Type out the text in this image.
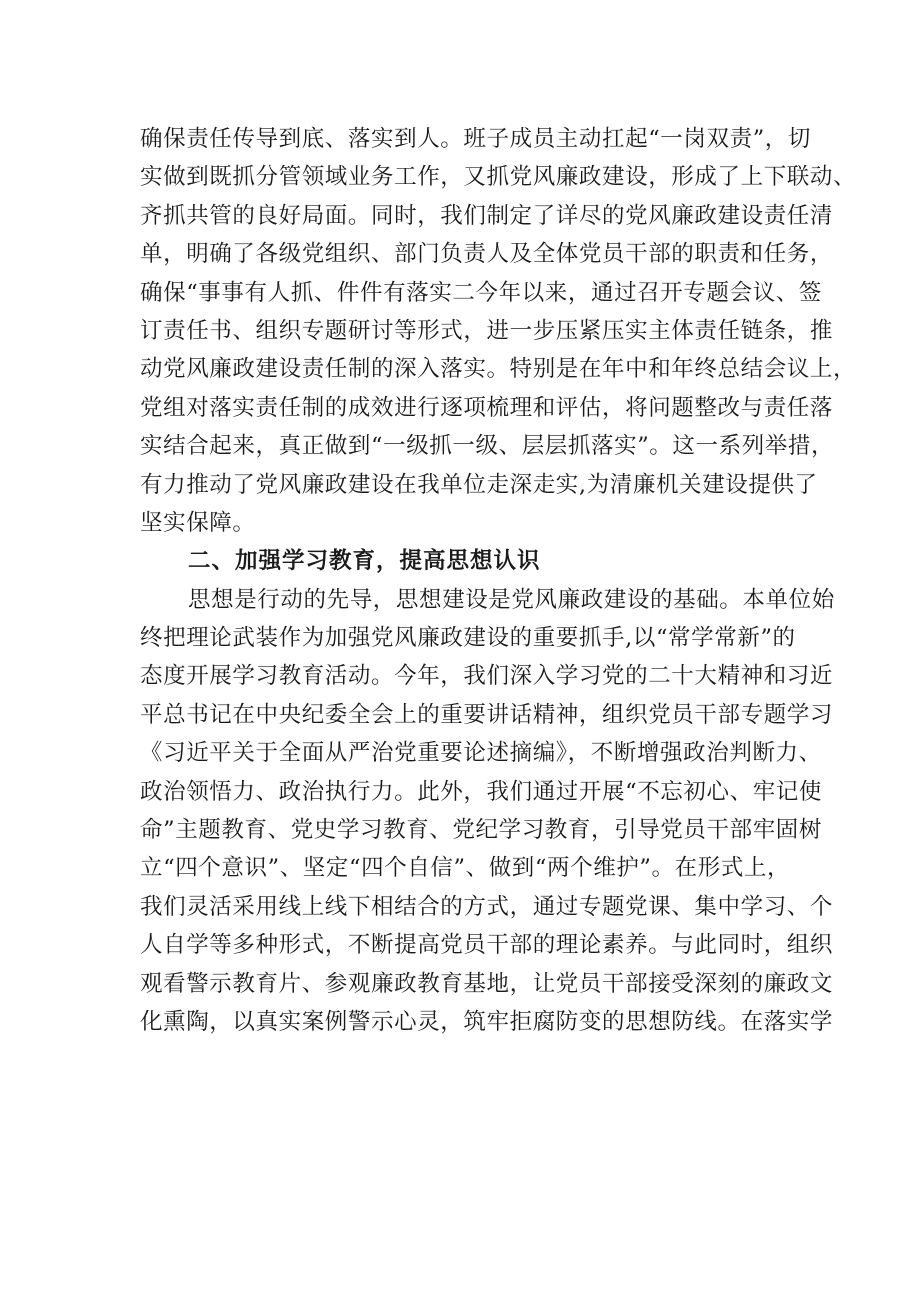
确保责任传导到底、落实到人。班子成员主动扛起“一岗双责”，切
实做到既抓分管领域业务工作，又抓党风廉政建设，形成了上下联动、
齐抓共管的良好局面。同时，我们制定了详尽的党风廉政建设责任清
单，明确了各级党组织、部门负责人及全体党员干部的职责和任务，
确保“事事有人抓、件件有落实二今年以来，通过召开专题会议、签
订责任书、组织专题研讨等形式，进一步压紧压实主体责任链条，推
动党风廉政建设责任制的深入落实。特别是在年中和年终总结会议上，
党组对落实责任制的成效进行逐项梳理和评估，将问题整改与责任落
实结合起来，真正做到“一级抓一级、层层抓落实”。这一系列举措，
有力推动了党风廉政建设在我单位走深走实,为清廉机关建设提供了
坚实保障。
二、加强学习教育，提高思想认识
思想是行动的先导，思想建设是党风廉政建设的基础。本单位始
终把理论武装作为加强党风廉政建设的重要抓手,以“常学常新”的
态度开展学习教育活动。今年，我们深入学习党的二十大精神和习近
平总书记在中央纪委全会上的重要讲话精神，组织党员干部专题学习
《习近平关于全面从严治党重要论述摘编》，不断增强政治判断力、
政治领悟力、政治执行力。此外，我们通过开展“不忘初心、牢记使
命”主题教育、党史学习教育、党纪学习教育，引导党员干部牢固树
立“四个意识”、坚定“四个自信”、做到“两个维护”。在形式上，
我们灵活采用线上线下相结合的方式，通过专题党课、集中学习、个
人自学等多种形式，不断提高党员干部的理论素养。与此同时，组织
观看警示教育片、参观廉政教育基地，让党员干部接受深刻的廉政文
化熏陶，以真实案例警示心灵，筑牢拒腐防变的思想防线。在落实学
